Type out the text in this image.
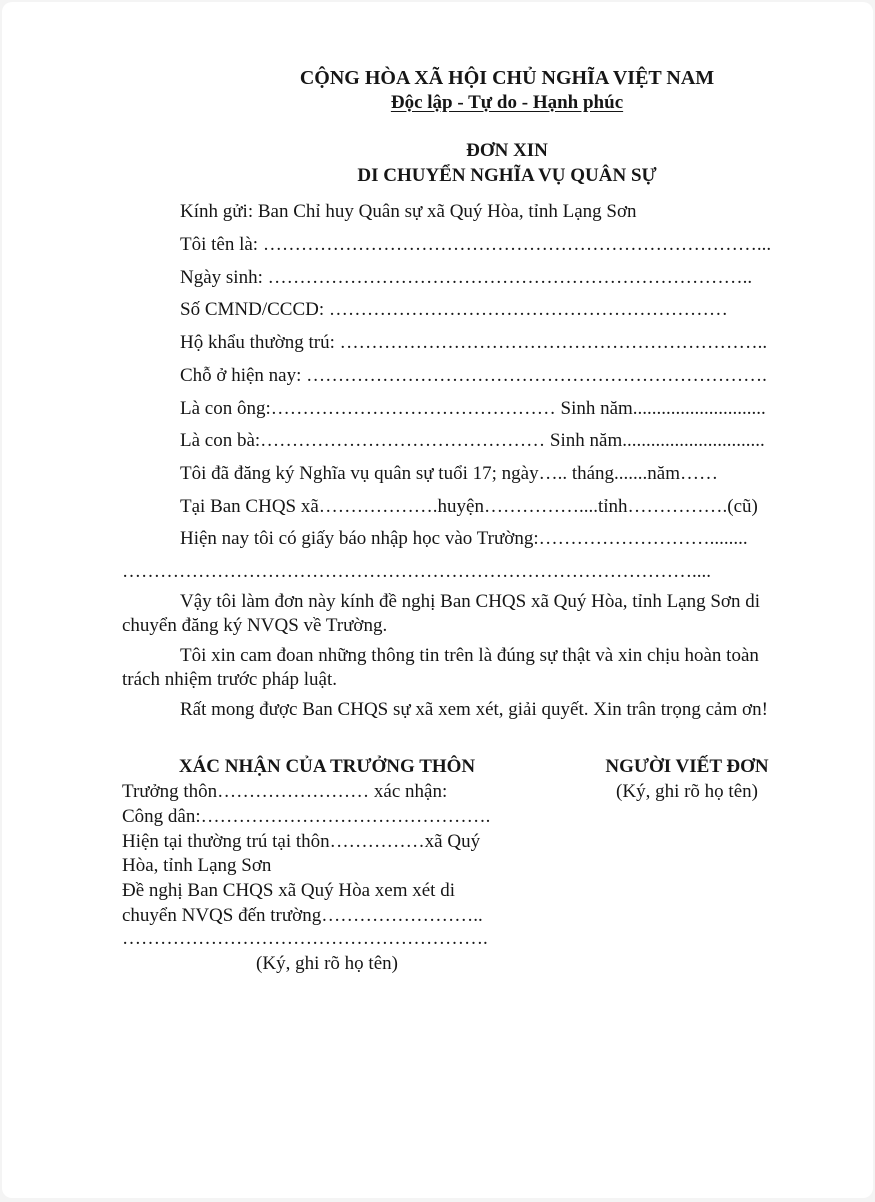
CỘNG HÒA XÃ HỘI CHỦ NGHĨA VIỆT NAM
Độc lập - Tự do - Hạnh phúc
ĐƠN XIN
DI CHUYỂN NGHĨA VỤ QUÂN SỰ
Kính gửi: Ban Chỉ huy Quân sự xã Quý Hòa, tỉnh Lạng Sơn
Tôi tên là: ……………………………………………………………………...
Ngày sinh: …………………………………………………………………..
Số CMND/CCCD: ………………………………………………………
Hộ khẩu thường trú: …………………………………………………………..
Chỗ ở hiện nay: ……………………………………………………………….
Là con ông:……………………………………… Sinh năm............................
Là con bà:……………………………………… Sinh năm..............................
Tôi đã đăng ký Nghĩa vụ quân sự tuổi 17; ngày….. tháng.......năm……
Tại Ban CHQS xã……………….huyện……………....tỉnh…………….(cũ)
Hiện nay tôi có giấy báo nhập học vào Trường:………………………........
………………………………………………………………………………....
Vậy tôi làm đơn này kính đề nghị Ban CHQS xã Quý Hòa, tỉnh Lạng Sơn di
chuyển đăng ký NVQS về Trường.
Tôi xin cam đoan những thông tin trên là đúng sự thật và xin chịu hoàn toàn
trách nhiệm trước pháp luật.
Rất mong được Ban CHQS sự xã xem xét, giải quyết. Xin trân trọng cảm ơn!
XÁC NHẬN CỦA TRƯỞNG THÔN
Trưởng thôn…………………… xác nhận:
Công dân:……………………………………….
Hiện tại thường trú tại thôn……………xã Quý
Hòa, tỉnh Lạng Sơn
Đề nghị Ban CHQS xã Quý Hòa xem xét di
chuyển NVQS đến trường……………………..
………………………………………………….
(Ký, ghi rõ họ tên)
NGƯỜI VIẾT ĐƠN
(Ký, ghi rõ họ tên)
